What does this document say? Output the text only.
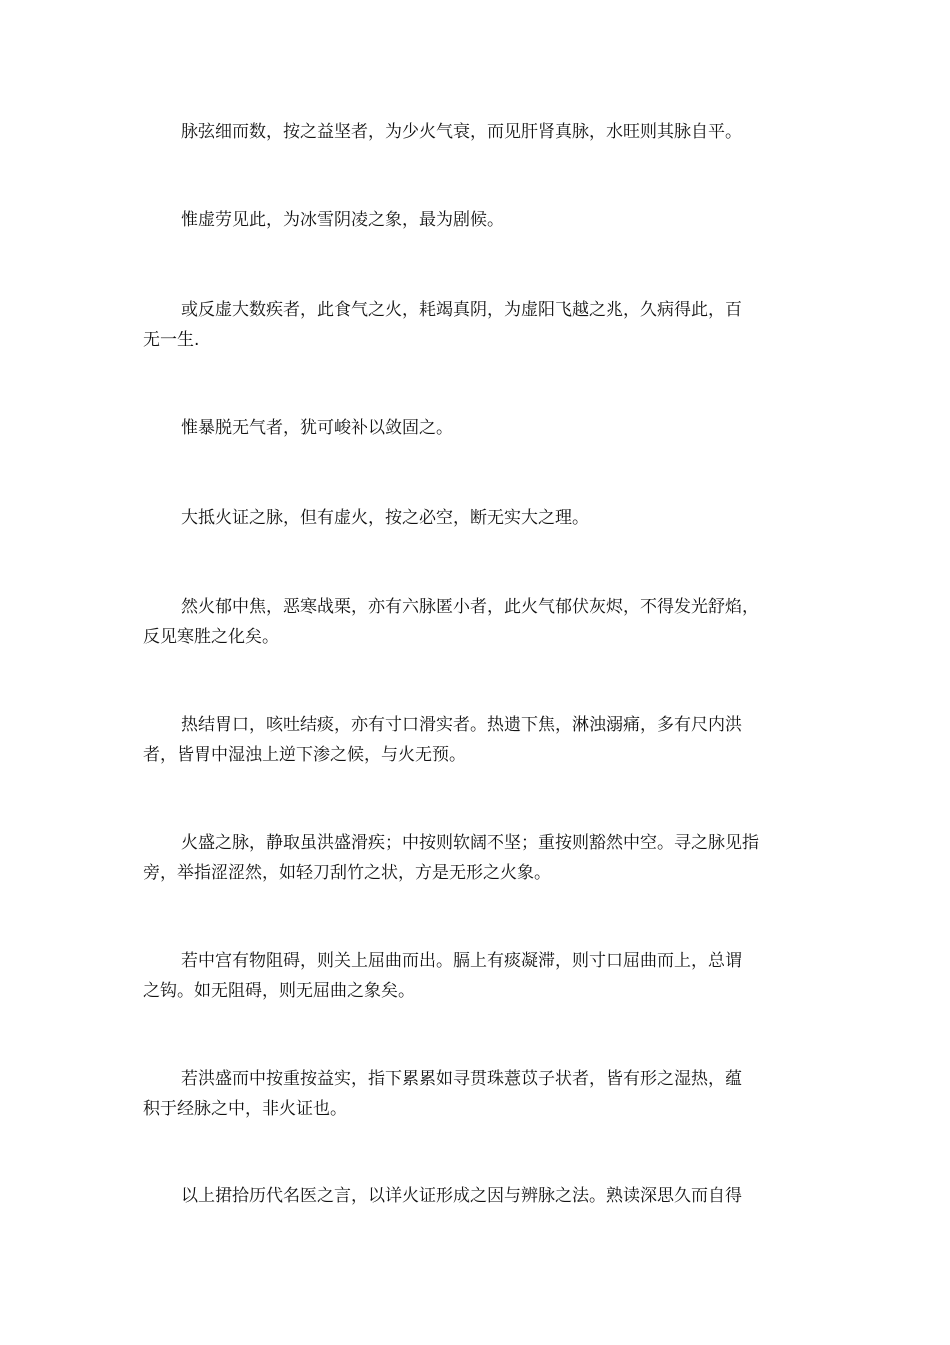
脉弦细而数，按之益坚者，为少火气衰，而见肝肾真脉，水旺则其脉自平。

惟虚劳见此，为冰雪阴凌之象，最为剧候。

或反虚大数疾者，此食气之火，耗竭真阴，为虚阳飞越之兆，久病得此，百
无一生.

惟暴脱无气者，犹可峻补以敛固之。

大抵火证之脉，但有虚火，按之必空，断无实大之理。

然火郁中焦，恶寒战栗，亦有六脉匿小者，此火气郁伏灰烬，不得发光舒焰，
反见寒胜之化矣。

热结胃口，咳吐结痰，亦有寸口滑实者。热遗下焦，淋浊溺痛，多有尺内洪
者，皆胃中湿浊上逆下渗之候，与火无预。

火盛之脉，静取虽洪盛滑疾；中按则软阔不坚；重按则豁然中空。寻之脉见指
旁，举指涩涩然，如轻刀刮竹之状，方是无形之火象。

若中宫有物阻碍，则关上屈曲而出。膈上有痰凝滞，则寸口屈曲而上，总谓
之钩。如无阻碍，则无屈曲之象矣。

若洪盛而中按重按益实，指下累累如寻贯珠薏苡子状者，皆有形之湿热，蕴
积于经脉之中，非火证也。

以上捃拾历代名医之言，以详火证形成之因与辨脉之法。熟读深思久而自得
